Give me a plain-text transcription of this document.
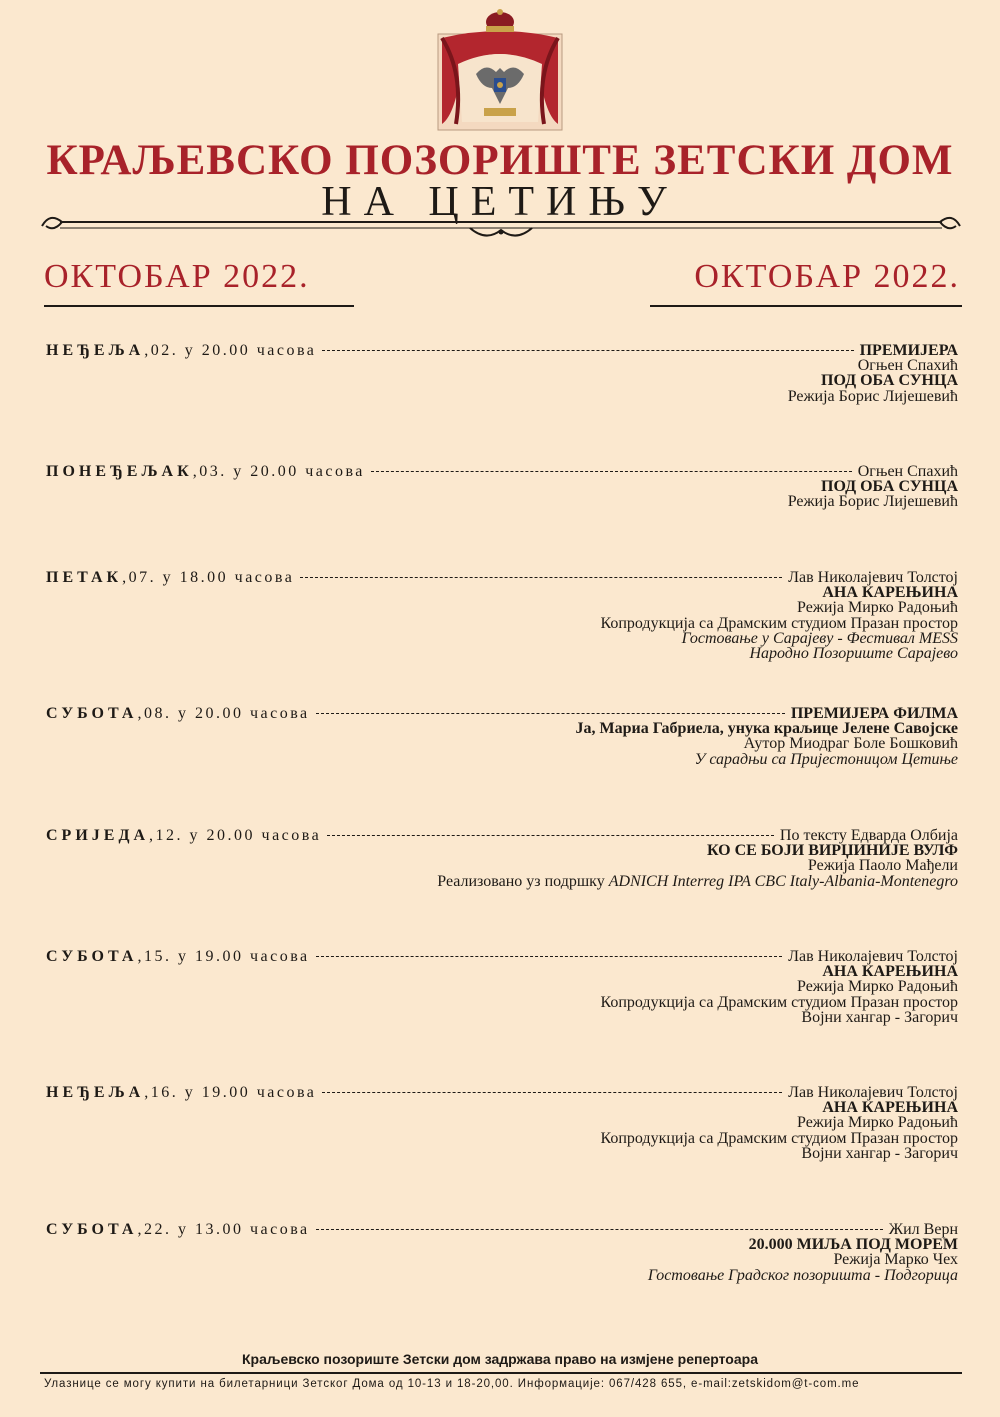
КРАЉЕВСКО ПОЗОРИШТЕ ЗЕТСКИ ДОМ
НА ЦЕТИЊУ
ОКТОБАР 2022.	ОКТОБАР 2022.
НЕЂЕЉА ,02. у 20.00 часова	ПРЕМИЈЕРА
Огњен Спахић
ПОД ОБА СУНЦА
Режија Борис Лијешевић
ПОНЕЂЕЉАК ,03. у 20.00 часова	Огњен Спахић
ПОД ОБА СУНЦА
Режија Борис Лијешевић
ПЕТАК ,07. у 18.00 часова	Лав Николајевич Толстој
АНА КАРЕЊИНА
Режија Мирко Радоњић
Копродукција са Драмским студиом Празан простор
Гостовање у Сарајеву - Фестивал MESS
Народно Позориште Сарајево
СУБОТА ,08. у 20.00 часова	ПРЕМИЈЕРА ФИЛМА
Ја, Мариа Габриела, унука краљице Јелене Савојске
Аутор Миодраг Боле Бошковић
У сарадњи са Пријестоницом Цетиње
СРИЈЕДА ,12. у 20.00 часова	По тексту Едварда Олбија
КО СЕ БОЈИ ВИРЏИНИЈЕ ВУЛФ
Режија Паоло Мађели
Реализовано уз подршку ADNICH Interreg IPA CBC Italy-Albania-Montenegro
СУБОТА ,15. у 19.00 часова	Лав Николајевич Толстој
АНА КАРЕЊИНА
Режија Мирко Радоњић
Копродукција са Драмским студиом Празан простор
Војни хангар - Загорич
НЕЂЕЉА ,16. у 19.00 часова	Лав Николајевич Толстој
АНА КАРЕЊИНА
Режија Мирко Радоњић
Копродукција са Драмским студиом Празан простор
Војни хангар - Загорич
СУБОТА ,22. у 13.00 часова	Жил Верн
20.000 МИЉА ПОД МОРЕМ
Режија Марко Чех
Гостовање Градског позоришта - Подгорица
Краљевско позориште Зетски дом задржава право на измјене репертоара
Улазнице се могу купити на билетарници Зетског Дома од 10-13 и 18-20,00. Информације: 067/428 655, e-mail:zetskidom@t-com.me
